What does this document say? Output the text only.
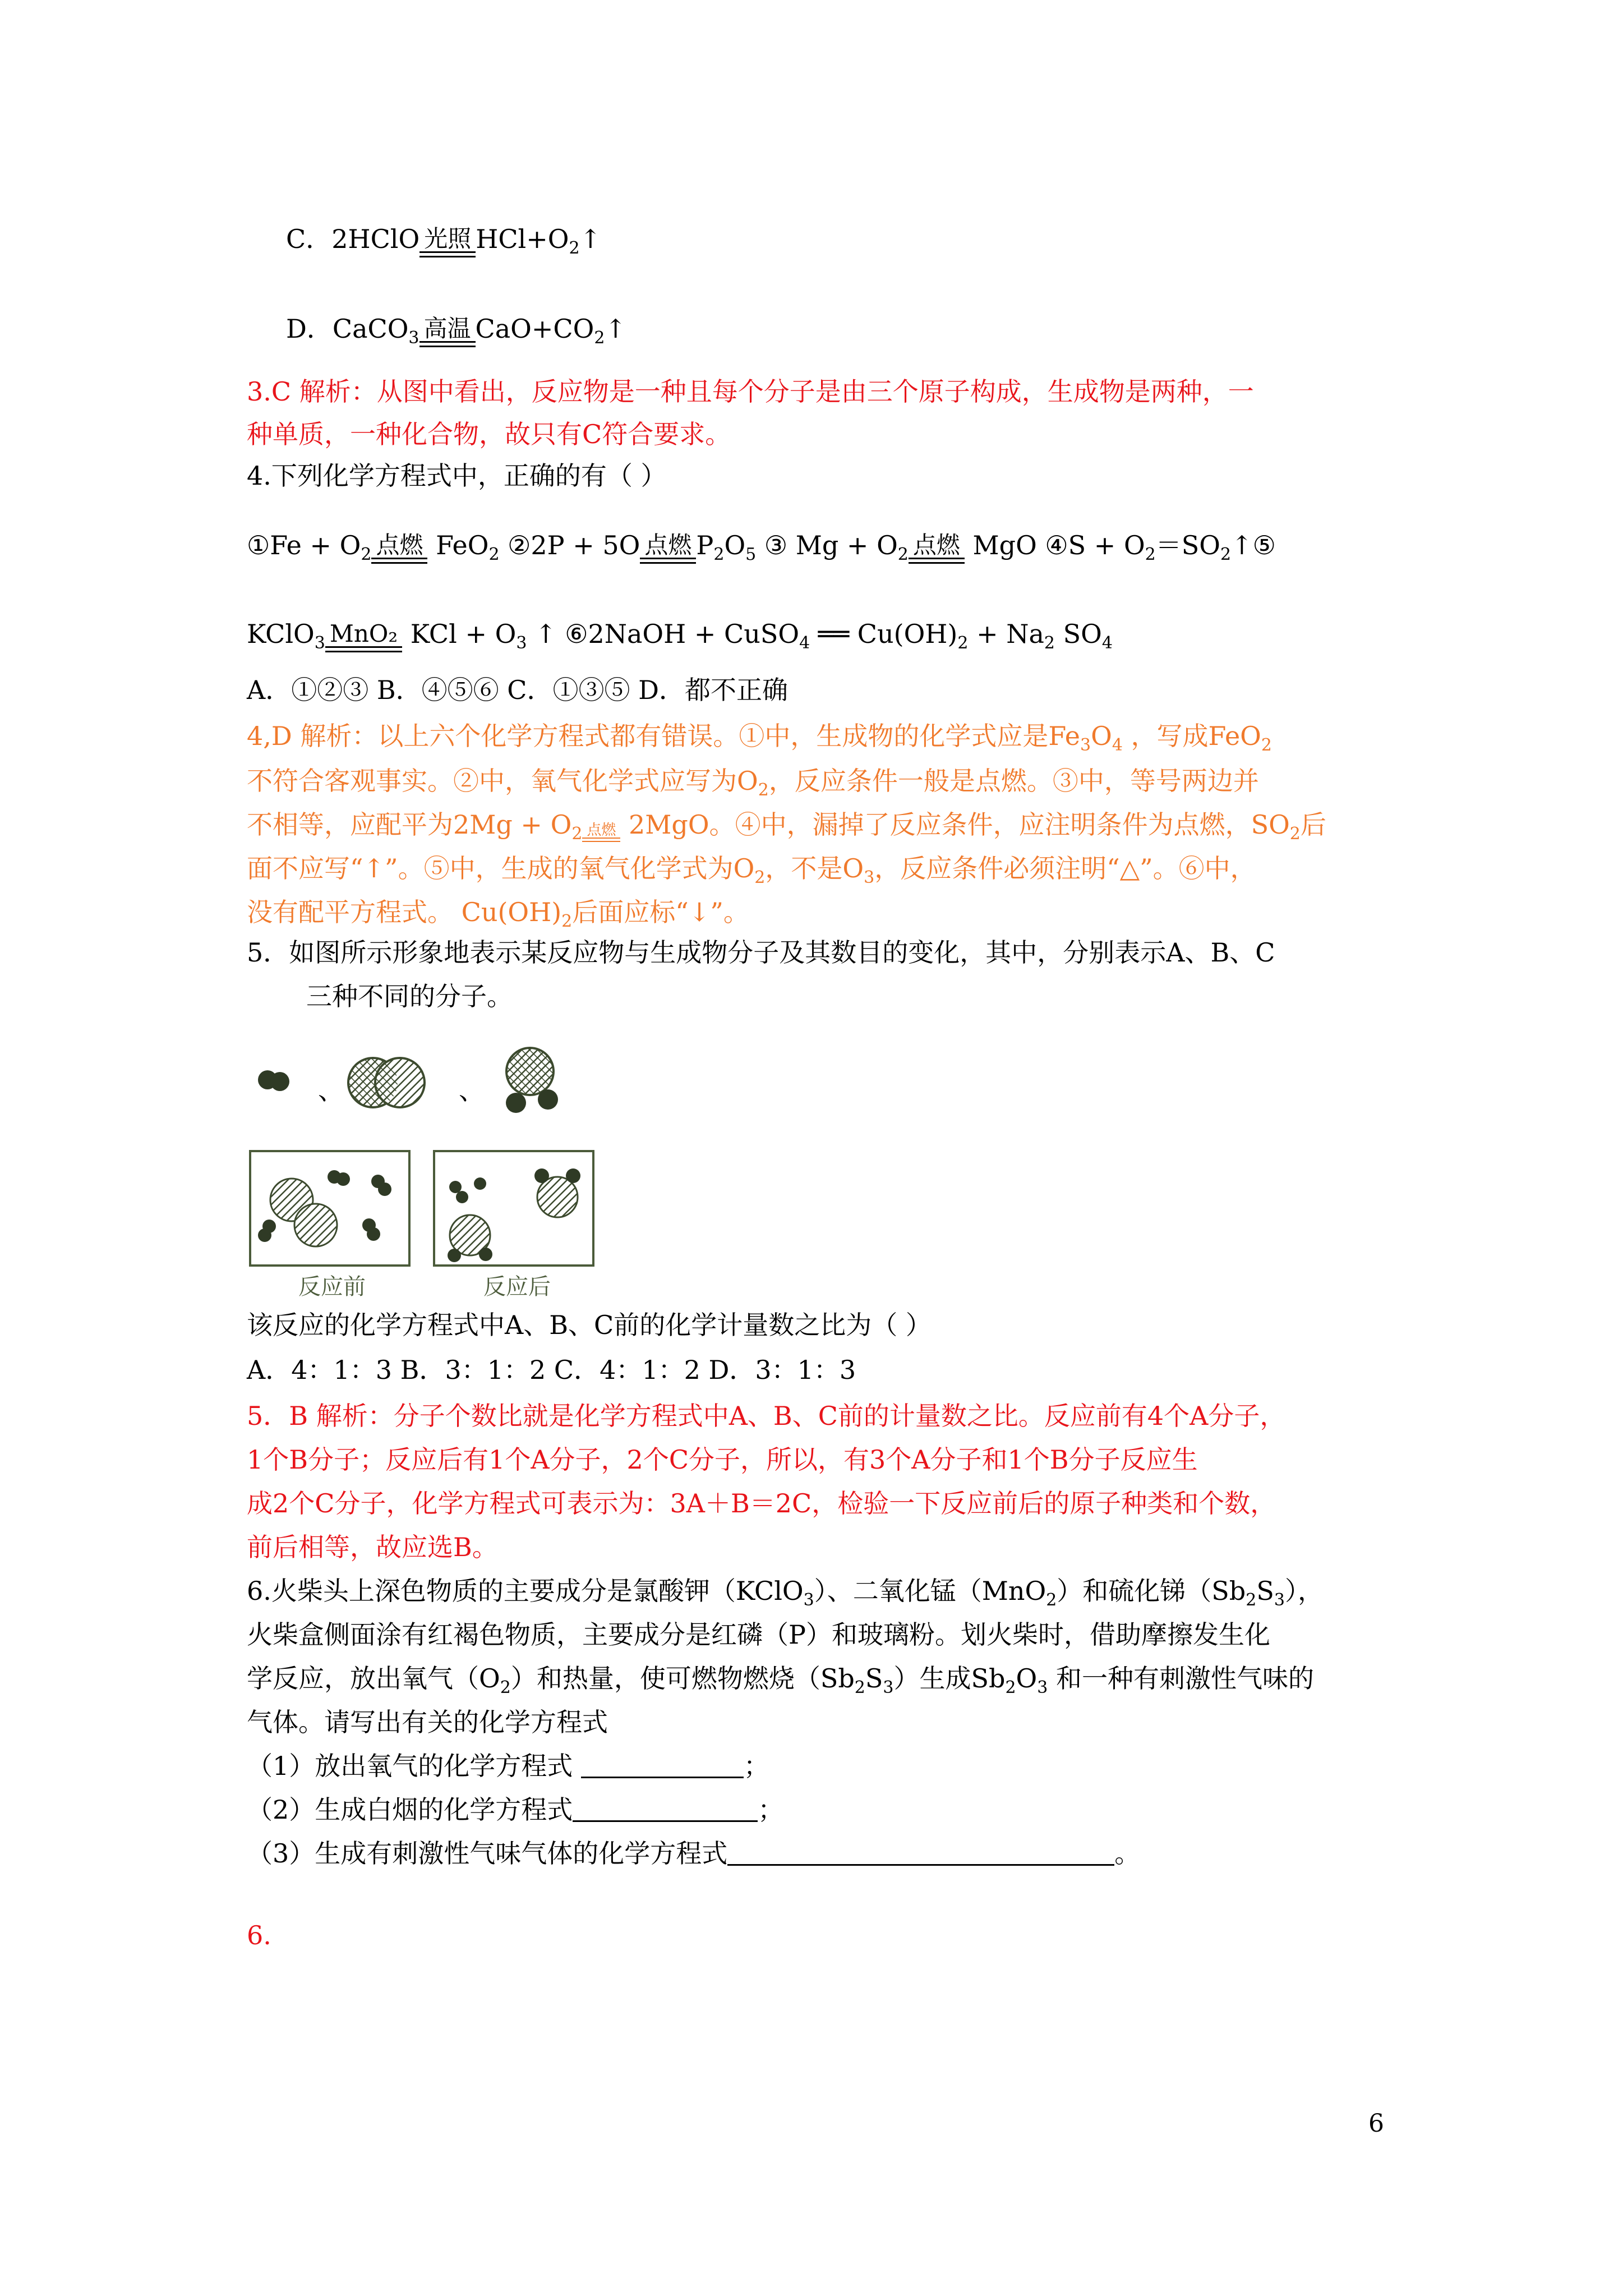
C．2HClO 光照 $HCl+O_2↑$
D．CaCO$_3$ 高温 $CaO+CO_2↑$
3.C 解析：从图中看出，反应物是一种且每个分子是由三个原子构成，生成物是两种，一
种单质，一种化合物，故只有C符合要求。
4.下列化学方程式中，正确的有（ ）
①Fe + $O_2$ 点燃 FeO$_2$ ②2P + 5O 点燃 $P_2O_5$ ③ $Mg + O_2$ 点燃 MgO ④S + $O_2=SO_2↑⑤$
KClO$_3$ MnO₂ KCl + $O_3$ ↑ ⑥2NaOH + CuSO$_4$ ══ $Cu(OH)_2 + Na_2$ $SO_4$
A．①②③ B．④⑤⑥ C．①③⑤ D．都不正确
4,D 解析：以上六个化学方程式都有错误。①中，生成物的化学式应是$Fe_3O_4$ ，写成FeO$_2$
不符合客观事实。②中，氧气化学式应写为$O_2$，反应条件一般是点燃。③中，等号两边并
不相等，应配平为$2Mg + O_2$ 点燃 2MgO。④中，漏掉了反应条件，应注明条件为点燃，$SO_2$后
面不应写“↑”。⑤中，生成的氧气化学式为$O_2$，不是$O_3$，反应条件必须注明“△”。⑥中，
没有配平方程式。 $Cu(OH)_2$后面应标“↓”。
5．如图所示形象地表示某反应物与生成物分子及其数目的变化，其中，分别表示A、B、C
三种不同的分子。
、	、
反应前	反应后
该反应的化学方程式中A、B、C前的化学计量数之比为（ ）
A．4：1：3 B．3：1：2 C．4：1：2 D．3：1：3
5．B 解析：分子个数比就是化学方程式中A、B、C前的计量数之比。反应前有4个A分子，
1个B分子；反应后有1个A分子，2个C分子，所以，有3个A分子和1个B分子反应生
成2个C分子，化学方程式可表示为：3A＋B＝2C，检验一下反应前后的原子种类和个数，
前后相等，故应选B。
6.火柴头上深色物质的主要成分是氯酸钾（KClO$_3$）、二氧化锰（MnO$_2$）和硫化锑$(Sb_2S_3)$，
火柴盒侧面涂有红褐色物质，主要成分是红磷（P）和玻璃粉。划火柴时，借助摩擦发生化
学反应，放出氧气$(O_2)$和热量，使可燃物燃烧$(Sb_2S_3)$生成$Sb_2O_3$ 和一种有刺激性气味的
气体。请写出有关的化学方程式
（1）放出氧气的化学方程式	；
（2）生成白烟的化学方程式	；
（3）生成有刺激性气味气体的化学方程式	。
6.
6
